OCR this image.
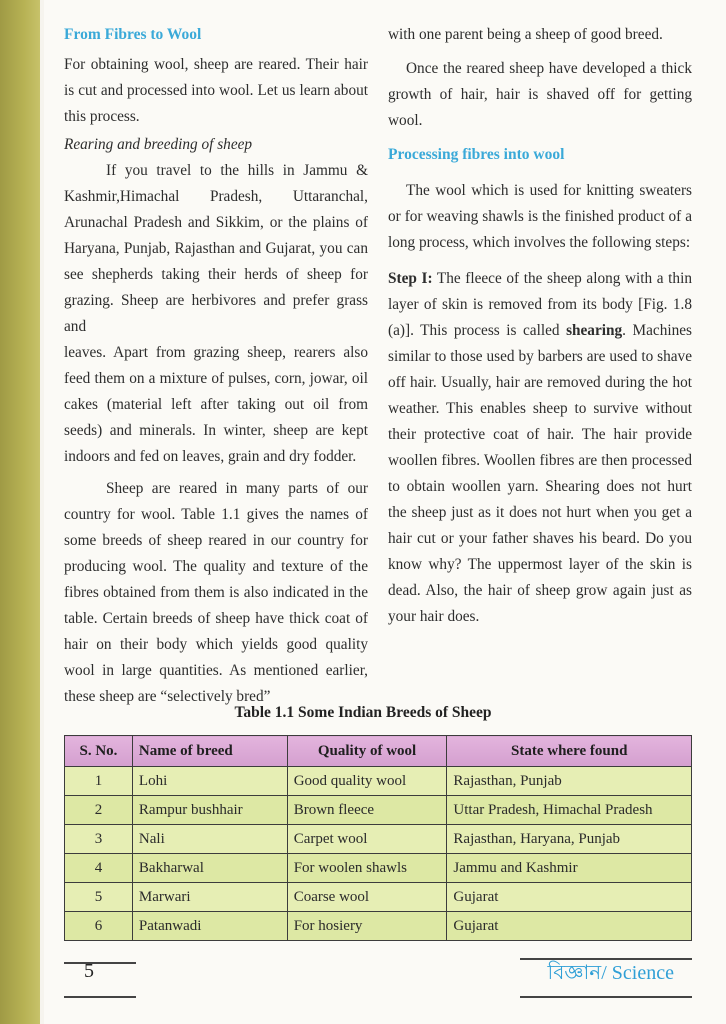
From Fibres to Wool

For obtaining wool, sheep are reared. Their hair is cut and processed into wool. Let us learn about this process.

Rearing and breeding of sheep

If you travel to the hills in Jammu & Kashmir,Himachal Pradesh, Uttaranchal, Arunachal Pradesh and Sikkim, or the plains of Haryana, Punjab, Rajasthan and Gujarat, you can see shepherds taking their herds of sheep for grazing. Sheep are herbivores and prefer grass and

leaves. Apart from grazing sheep, rearers also feed them on a mixture of pulses, corn, jowar, oil cakes (material left after taking out oil from seeds) and minerals. In winter, sheep are kept indoors and fed on leaves, grain and dry fodder.

Sheep are reared in many parts of our country for wool. Table 1.1 gives the names of some breeds of sheep reared in our country for producing wool. The quality and texture of the fibres obtained from them is also indicated in the table. Certain breeds of sheep have thick coat of hair on their body which yields good quality wool in large quantities. As mentioned earlier, these sheep are “selectively bred”

with one parent being a sheep of good breed.

Once the reared sheep have developed a thick growth of hair, hair is shaved off for getting wool.

Processing fibres into wool

The wool which is used for knitting sweaters or for weaving shawls is the finished product of a long process, which involves the following steps:

Step I: The fleece of the sheep along with a thin layer of skin is removed from its body [Fig. 1.8 (a)]. This process is called shearing. Machines similar to those used by barbers are used to shave off hair. Usually, hair are removed during the hot weather. This enables sheep to survive without their protective coat of hair. The hair provide woollen fibres. Woollen fibres are then processed to obtain woollen yarn. Shearing does not hurt the sheep just as it does not hurt when you get a hair cut or your father shaves his beard. Do you know why? The uppermost layer of the skin is dead. Also, the hair of sheep grow again just as your hair does.

Table 1.1 Some Indian Breeds of Sheep
S. No.	Name of breed	Quality of wool	State where found
1	Lohi	Good quality wool	Rajasthan, Punjab
2	Rampur bushhair	Brown fleece	Uttar Pradesh, Himachal Pradesh
3	Nali	Carpet wool	Rajasthan, Haryana, Punjab
4	Bakharwal	For woolen shawls	Jammu and Kashmir
5	Marwari	Coarse wool	Gujarat
6	Patanwadi	For hosiery	Gujarat
5	বিজ্ঞান/ Science
